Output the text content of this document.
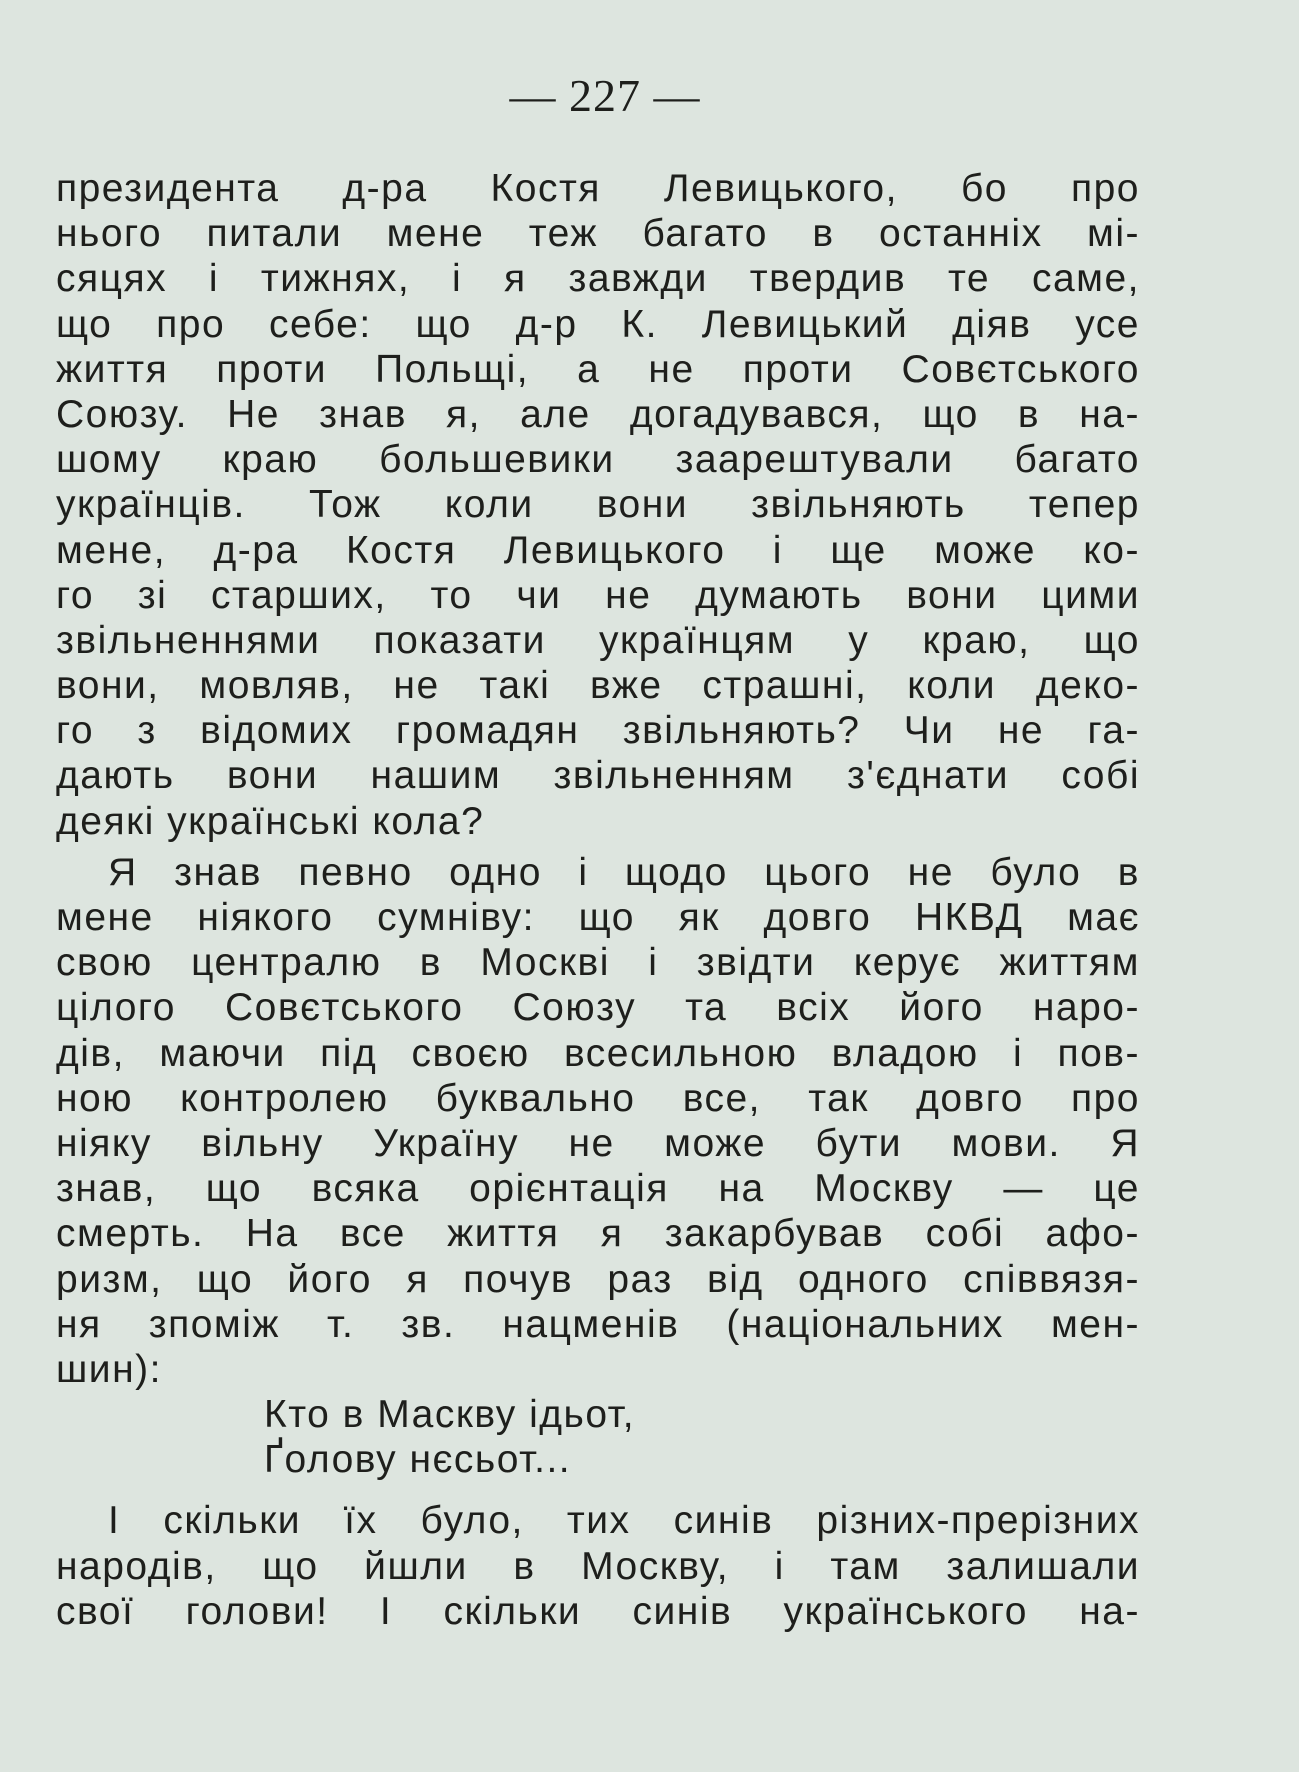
— 227 —
президента д-ра Костя Левицького, бо про
нього питали мене теж багато в останніх мі-
сяцях і тижнях, і я завжди твердив те саме,
що про себе: що д-р К. Левицький діяв усе
життя проти Польщі, а не проти Совєтського
Союзу. Не знав я, але догадувався, що в на-
шому краю большевики заарештували багато
українців. Тож коли вони звільняють тепер
мене, д-ра Костя Левицького і ще може ко-
го зі старших, то чи не думають вони цими
звільненнями показати українцям у краю, що
вони, мовляв, не такі вже страшні, коли деко-
го з відомих громадян звільняють? Чи не га-
дають вони нашим звільненням з'єднати собі
деякі українські кола?
Я знав певно одно і щодо цього не було в
мене ніякого сумніву: що як довго НКВД має
свою централю в Москві і звідти керує життям
цілого Совєтського Союзу та всіх його наро-
дів, маючи під своєю всесильною владою і пов-
ною контролею буквально все, так довго про
ніяку вільну Україну не може бути мови. Я
знав, що всяка орієнтація на Москву — це
смерть. На все життя я закарбував собі афо-
ризм, що його я почув раз від одного співвязя-
ня зпоміж т. зв. нацменів (національних мен-
шин):
Кто в Маскву ідьот,
Ґолову нєсьот...
І скільки їх було, тих синів різних-прерізних
народів, що йшли в Москву, і там залишали
свої голови! І скільки синів українського на-
